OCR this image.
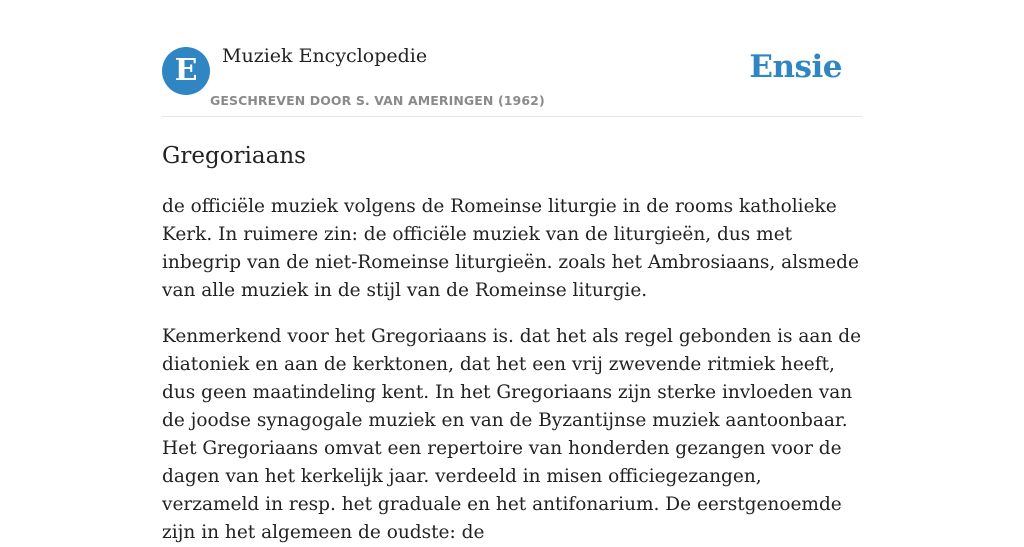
E	Muziek Encyclopedie
GESCHREVEN DOOR S. VAN AMERINGEN (1962)
Ensie
Gregoriaans

de officiële muziek volgens de Romeinse liturgie in de rooms katholieke Kerk. In ruimere zin: de officiële muziek van de liturgieën, dus met inbegrip van de niet-Romeinse liturgieën. zoals het Ambrosiaans, alsmede van alle muziek in de stijl van de Romeinse liturgie.

Kenmerkend voor het Gregoriaans is. dat het als regel gebonden is aan de diatoniek en aan de kerktonen, dat het een vrij zwevende ritmiek heeft, dus geen maatindeling kent. In het Gregoriaans zijn sterke invloeden van de joodse synagogale muziek en van de Byzantijnse muziek aantoonbaar. Het Gregoriaans omvat een repertoire van honderden gezangen voor de dagen van het kerkelijk jaar. verdeeld in misen officiegezangen, verzameld in resp. het graduale en het antifonarium. De eerstgenoemde zijn in het algemeen de oudste: de
